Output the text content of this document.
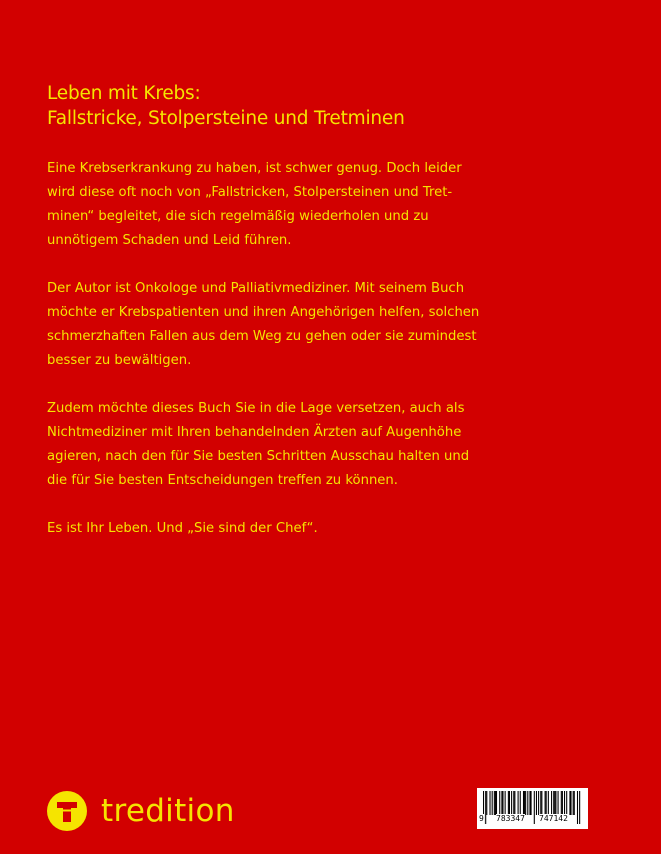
Leben mit Krebs:
Fallstricke, Stolpersteine und Tretminen

Eine Krebserkrankung zu haben, ist schwer genug. Doch leider
wird diese oft noch von „Fallstricken, Stolpersteinen und Tret-
minen“ begleitet, die sich regelmäßig wiederholen und zu
unnötigem Schaden und Leid führen.

Der Autor ist Onkologe und Palliativmediziner. Mit seinem Buch
möchte er Krebspatienten und ihren Angehörigen helfen, solchen
schmerzhaften Fallen aus dem Weg zu gehen oder sie zumindest
besser zu bewältigen.

Zudem möchte dieses Buch Sie in die Lage versetzen, auch als
Nichtmediziner mit Ihren behandelnden Ärzten auf Augenhöhe
agieren, nach den für Sie besten Schritten Ausschau halten und
die für Sie besten Entscheidungen treffen zu können.

Es ist Ihr Leben. Und „Sie sind der Chef“.

tredition	9 783347 747142
